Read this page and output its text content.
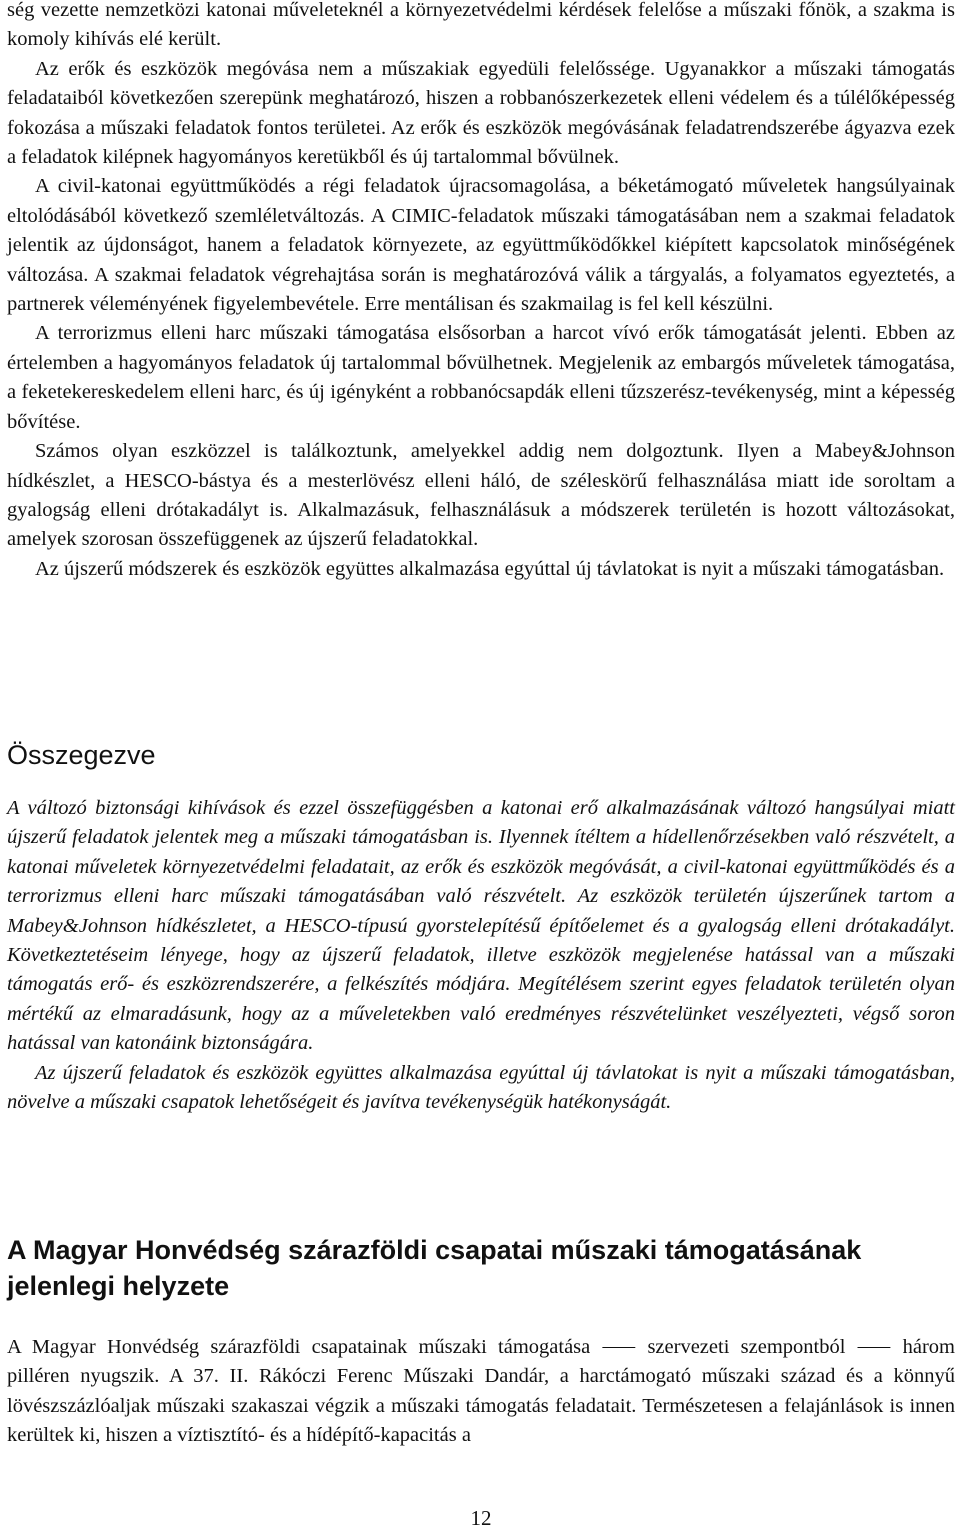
ség vezette nemzetközi katonai műveleteknél a környezetvédelmi kérdések felelőse a műszaki főnök, a szakma is komoly kihívás elé került.

Az erők és eszközök megóvása nem a műszakiak egyedüli felelőssége. Ugyanakkor a műszaki támogatás feladataiból következően szerepünk meghatározó, hiszen a robbanószerkezetek elleni védelem és a túlélőképesség fokozása a műszaki feladatok fontos területei. Az erők és eszközök megóvásának feladatrendszerébe ágyazva ezek a feladatok kilépnek hagyományos keretükből és új tartalommal bővülnek.

A civil-katonai együttműködés a régi feladatok újracsomagolása, a béketámogató műveletek hangsúlyainak eltolódásából következő szemléletváltozás. A CIMIC-feladatok műszaki támogatásában nem a szakmai feladatok jelentik az újdonságot, hanem a feladatok környezete, az együttműködőkkel kiépített kapcsolatok minőségének változása. A szakmai feladatok végrehajtása során is meghatározóvá válik a tárgyalás, a folyamatos egyeztetés, a partnerek véleményének figyelembevétele. Erre mentálisan és szakmailag is fel kell készülni.

A terrorizmus elleni harc műszaki támogatása elsősorban a harcot vívó erők támogatását jelenti. Ebben az értelemben a hagyományos feladatok új tartalommal bővülhetnek. Megjelenik az embargós műveletek támogatása, a feketekereskedelem elleni harc, és új igényként a robbanócsapdák elleni tűzszerész-tevékenység, mint a képesség bővítése.

Számos olyan eszközzel is találkoztunk, amelyekkel addig nem dolgoztunk. Ilyen a Mabey&Johnson hídkészlet, a HESCO-bástya és a mesterlövész elleni háló, de széleskörű felhasználása miatt ide soroltam a gyalogság elleni drótakadályt is. Alkalmazásuk, felhasználásuk a módszerek területén is hozott változásokat, amelyek szorosan összefüggenek az újszerű feladatokkal.

Az újszerű módszerek és eszközök együttes alkalmazása egyúttal új távlatokat is nyit a műszaki támogatásban.

Összegezve

A változó biztonsági kihívások és ezzel összefüggésben a katonai erő alkalmazásának változó hangsúlyai miatt újszerű feladatok jelentek meg a műszaki támogatásban is. Ilyennek ítéltem a hídellenőrzésekben való részvételt, a katonai műveletek környezetvédelmi feladatait, az erők és eszközök megóvását, a civil-katonai együttműködés és a terrorizmus elleni harc műszaki támogatásában való részvételt. Az eszközök területén újszerűnek tartom a Mabey&Johnson hídkészletet, a HESCO-típusú gyorstelepítésű építőelemet és a gyalogság elleni drótakadályt. Következtetéseim lényege, hogy az újszerű feladatok, illetve eszközök megjelenése hatással van a műszaki támogatás erő- és eszközrendszerére, a felkészítés módjára. Megítélésem szerint egyes feladatok területén olyan mértékű az elmaradásunk, hogy az a műveletekben való eredményes részvételünket veszélyezteti, végső soron hatással van katonáink biztonságára.

Az újszerű feladatok és eszközök együttes alkalmazása egyúttal új távlatokat is nyit a műszaki támogatásban, növelve a műszaki csapatok lehetőségeit és javítva tevékenységük hatékonyságát.

A Magyar Honvédség szárazföldi csapatai műszaki támogatásának jelenlegi helyzete

A Magyar Honvédség szárazföldi csapatainak műszaki támogatása ⸺ szervezeti szempontból ⸺ három pilléren nyugszik. A 37. II. Rákóczi Ferenc Műszaki Dandár, a harctámogató műszaki század és a könnyű lövészszázlóaljak műszaki szakaszai végzik a műszaki támogatás feladatait. Természetesen a felajánlások is innen kerültek ki, hiszen a víztisztító- és a hídépítő-kapacitás a

12
